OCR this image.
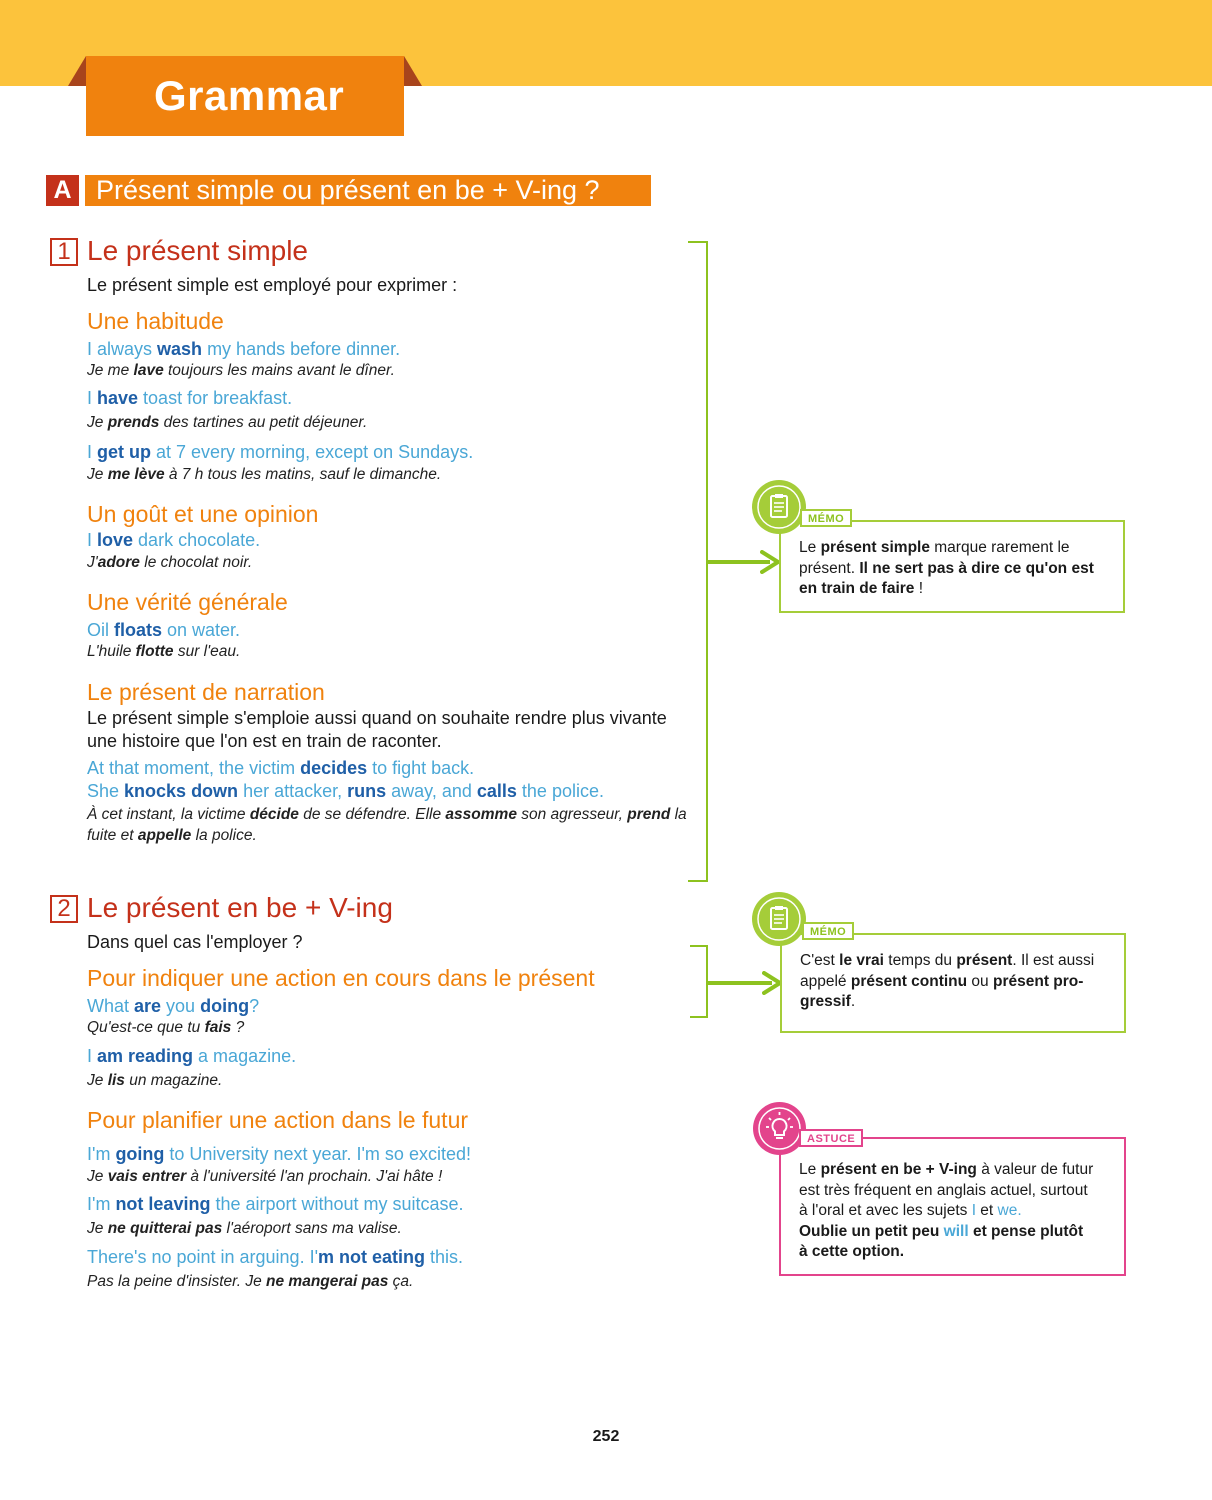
Grammar
A Présent simple ou présent en be + V-ing ?
1 Le présent simple
Le présent simple est employé pour exprimer :
Une habitude
I always wash my hands before dinner.
Je me lave toujours les mains avant le dîner.
I have toast for breakfast.
Je prends des tartines au petit déjeuner.
I get up at 7 every morning, except on Sundays.
Je me lève à 7 h tous les matins, sauf le dimanche.
Un goût et une opinion
I love dark chocolate.
J'adore le chocolat noir.
Une vérité générale
Oil floats on water.
L'huile flotte sur l'eau.
Le présent de narration
Le présent simple s'emploie aussi quand on souhaite rendre plus vivante
une histoire que l'on est en train de raconter.
At that moment, the victim decides to fight back.
She knocks down her attacker, runs away, and calls the police.
À cet instant, la victime décide de se défendre. Elle assomme son agresseur, prend la
fuite et appelle la police.
2 Le présent en be + V-ing
Dans quel cas l'employer ?
Pour indiquer une action en cours dans le présent
What are you doing?
Qu'est-ce que tu fais ?
I am reading a magazine.
Je lis un magazine.
Pour planifier une action dans le futur
I'm going to University next year. I'm so excited!
Je vais entrer à l'université l'an prochain. J'ai hâte !
I'm not leaving the airport without my suitcase.
Je ne quitterai pas l'aéroport sans ma valise.
There's no point in arguing. I'm not eating this.
Pas la peine d'insister. Je ne mangerai pas ça.
Le présent simple marque rarement le
présent. Il ne sert pas à dire ce qu'on est
en train de faire !
MÉMO
C'est le vrai temps du présent. Il est aussi
appelé présent continu ou présent pro-
gressif.
MÉMO
Le présent en be + V-ing à valeur de futur
est très fréquent en anglais actuel, surtout
à l'oral et avec les sujets I et we.
Oublie un petit peu will et pense plutôt
à cette option.
ASTUCE
252
